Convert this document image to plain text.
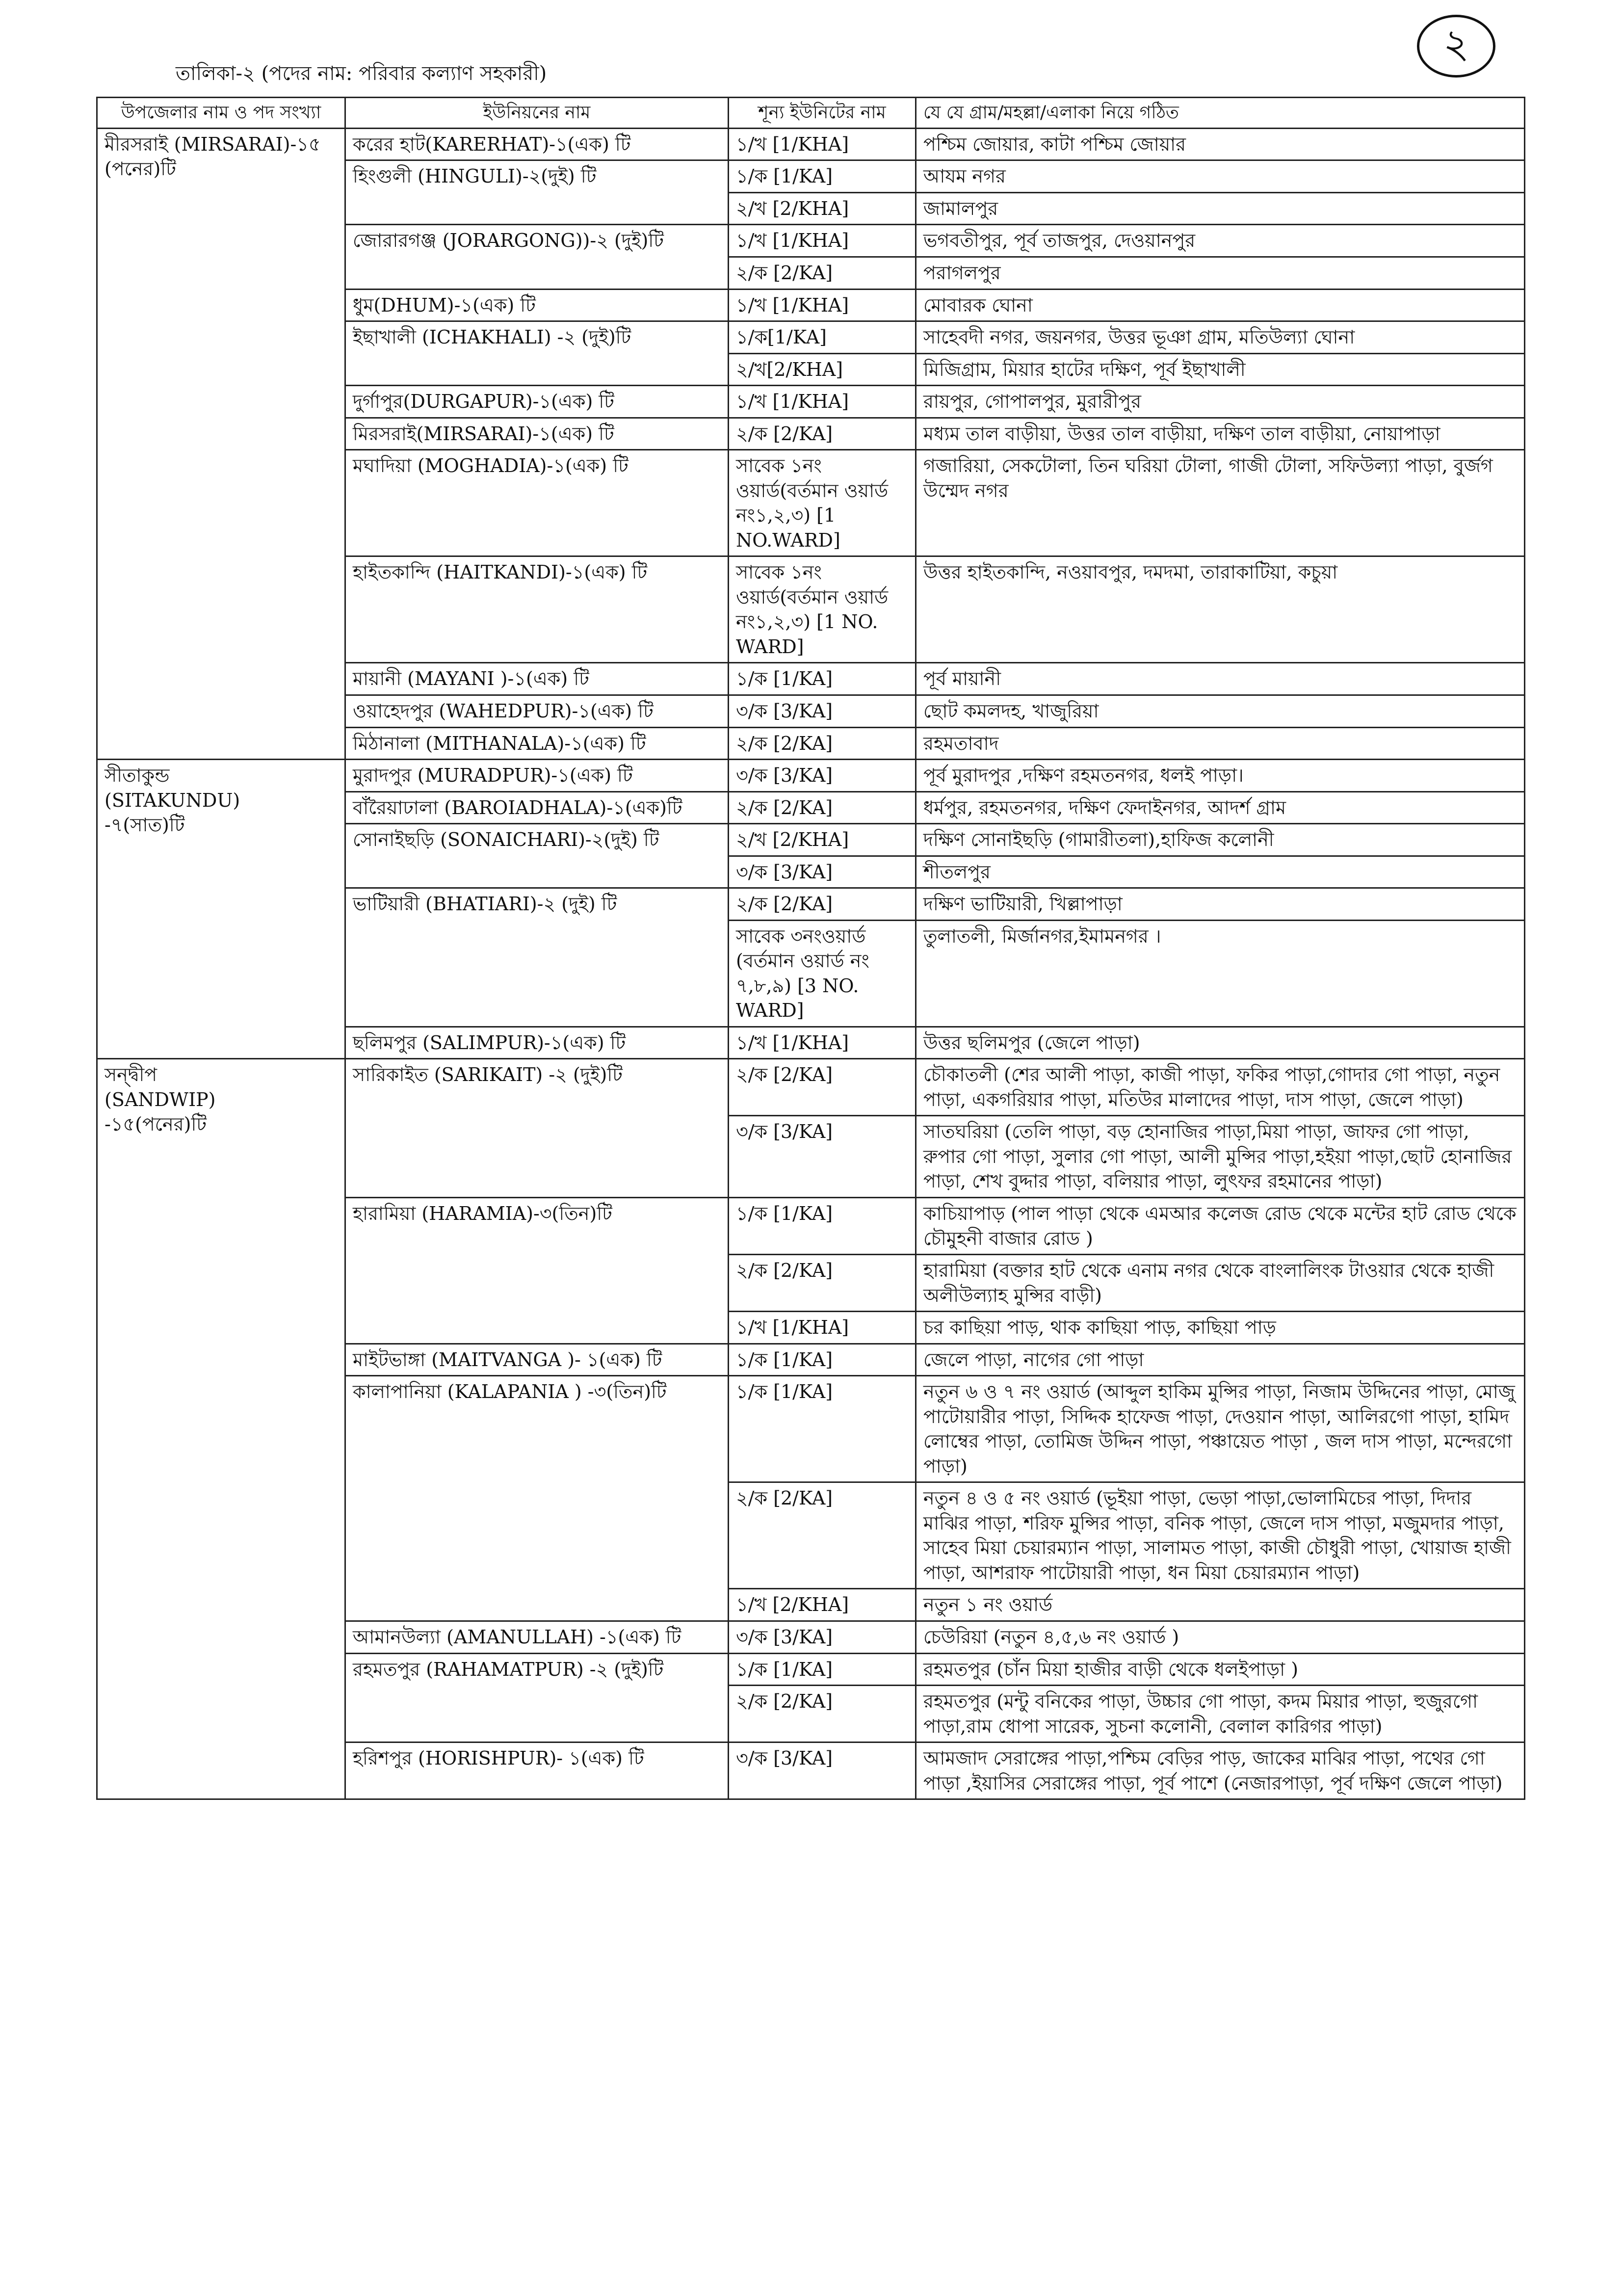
২
তালিকা-২ (পদের নাম: পরিবার কল্যাণ সহকারী)
উপজেলার নাম ও পদ সংখ্যা	ইউনিয়নের নাম	শূন্য ইউনিটের নাম	যে যে গ্রাম/মহল্লা/এলাকা নিয়ে গঠিত

মীরসরাই (MIRSARAI)-১৫
(পনের)টি	করের হাট(KARERHAT)-১(এক) টি	১/খ [1/KHA]	পশ্চিম জোয়ার, কাটা পশ্চিম জোয়ার
	হিংগুলী (HINGULI)-২(দুই) টি	১/ক [1/KA]	আযম নগর
		২/খ [2/KHA]	জামালপুর
	জোরারগঞ্জ (JORARGONG))-২ (দুই)টি	১/খ [1/KHA]	ভগবতীপুর, পূর্ব তাজপুর, দেওয়ানপুর
		২/ক [2/KA]	পরাগলপুর
	ধুম(DHUM)-১(এক) টি	১/খ [1/KHA]	মোবারক ঘোনা
	ইছাখালী (ICHAKHALI) -২ (দুই)টি	১/ক[1/KA]	সাহেবদী নগর, জয়নগর, উত্তর ভূঞা গ্রাম, মতিউল্যা ঘোনা
		২/খ[2/KHA]	মিজিগ্রাম, মিয়ার হাটের দক্ষিণ, পূর্ব ইছাখালী
	দুর্গাপুর(DURGAPUR)-১(এক) টি	১/খ [1/KHA]	রায়পুর, গোপালপুর, মুরারীপুর
	মিরসরাই(MIRSARAI)-১(এক) টি	২/ক [2/KA]	মধ্যম তাল বাড়ীয়া, উত্তর তাল বাড়ীয়া, দক্ষিণ তাল বাড়ীয়া, নোয়াপাড়া
	মঘাদিয়া (MOGHADIA)-১(এক) টি	সাবেক ১নং ওয়ার্ড(বর্তমান ওয়ার্ড নং১,২,৩) [1 NO.WARD]	গজারিয়া, সেকটোলা, তিন ঘরিয়া টোলা, গাজী টোলা, সফিউল্যা পাড়া, বুর্জগ উম্মেদ নগর
	হাইতকান্দি (HAITKANDI)-১(এক) টি	সাবেক ১নং ওয়ার্ড(বর্তমান ওয়ার্ড নং১,২,৩) [1 NO. WARD]	উত্তর হাইতকান্দি, নওয়াবপুর, দমদমা, তারাকাটিয়া, কচুয়া
	মায়ানী (MAYANI )-১(এক) টি	১/ক [1/KA]	পূর্ব মায়ানী
	ওয়াহেদপুর (WAHEDPUR)-১(এক) টি	৩/ক [3/KA]	ছোট কমলদহ, খাজুরিয়া
	মিঠানালা (MITHANALA)-১(এক) টি	২/ক [2/KA]	রহমতাবাদ

সীতাকুন্ড
(SITAKUNDU)
-৭(সাত)টি	মুরাদপুর (MURADPUR)-১(এক) টি	৩/ক [3/KA]	পূর্ব মুরাদপুর ,দক্ষিণ রহমতনগর, ধলই পাড়া।
	বাঁরৈয়াঢালা (BAROIADHALA)-১(এক)টি	২/ক [2/KA]	ধর্মপুর, রহমতনগর, দক্ষিণ ফেদাইনগর, আদর্শ গ্রাম
	সোনাইছড়ি (SONAICHARI)-২(দুই) টি	২/খ [2/KHA]	দক্ষিণ সোনাইছড়ি (গামারীতলা),হাফিজ কলোনী
		৩/ক [3/KA]	শীতলপুর
	ভাটিয়ারী (BHATIARI)-২ (দুই) টি	২/ক [2/KA]	দক্ষিণ ভাটিয়ারী, খিল্লাপাড়া
		সাবেক ৩নংওয়ার্ড (বর্তমান ওয়ার্ড নং ৭,৮,৯) [3 NO. WARD]	তুলাতলী, মির্জানগর,ইমামনগর ।
	ছলিমপুর (SALIMPUR)-১(এক) টি	১/খ [1/KHA]	উত্তর ছলিমপুর (জেলে পাড়া)

সন্দ্বীপ
(SANDWIP)
-১৫(পনের)টি	সারিকাইত (SARIKAIT) -২ (দুই)টি	২/ক [2/KA]	চৌকাতলী (শের আলী পাড়া, কাজী পাড়া, ফকির পাড়া,গোদার গো পাড়া, নতুন পাড়া, একগরিয়ার পাড়া, মতিউর মালাদের পাড়া, দাস পাড়া, জেলে পাড়া)
		৩/ক [3/KA]	সাতঘরিয়া (তেলি পাড়া, বড় হোনাজির পাড়া,মিয়া পাড়া, জাফর গো পাড়া, রুপার গো পাড়া, সুলার গো পাড়া, আলী মুন্সির পাড়া,হইয়া পাড়া,ছোট হোনাজির পাড়া, শেখ বুদ্দার পাড়া, বলিয়ার পাড়া, লুৎফর রহমানের পাড়া)
	হারামিয়া (HARAMIA)-৩(তিন)টি	১/ক [1/KA]	কাচিয়াপাড় (পাল পাড়া থেকে এমআর কলেজ রোড থেকে মন্টের হাট রোড থেকে চৌমুহনী বাজার রোড )
		২/ক [2/KA]	হারামিয়া (বক্তার হাট থেকে এনাম নগর থেকে বাংলালিংক টাওয়ার থেকে হাজী অলীউল্যাহ মুন্সির বাড়ী)
		১/খ [1/KHA]	চর কাছিয়া পাড়, থাক কাছিয়া পাড়, কাছিয়া পাড়
	মাইটভাঙ্গা (MAITVANGA )- ১(এক) টি	১/ক [1/KA]	জেলে পাড়া, নাগের গো পাড়া
	কালাপানিয়া (KALAPANIA ) -৩(তিন)টি	১/ক [1/KA]	নতুন ৬ ও ৭ নং ওয়ার্ড (আব্দুল হাকিম মুন্সির পাড়া, নিজাম উদ্দিনের পাড়া, মোজু পাটোয়ারীর পাড়া, সিদ্দিক হাফেজ পাড়া, দেওয়ান পাড়া, আলিরগো পাড়া, হামিদ লোম্বের পাড়া, তোমিজ উদ্দিন পাড়া, পঞ্চায়েত পাড়া , জল দাস পাড়া, মন্দেরগো পাড়া)
		২/ক [2/KA]	নতুন ৪ ও ৫ নং ওয়ার্ড (ভূইয়া পাড়া, ভেড়া পাড়া,ভোলামিচের পাড়া, দিদার মাঝির পাড়া, শরিফ মুন্সির পাড়া, বনিক পাড়া, জেলে দাস পাড়া, মজুমদার পাড়া, সাহেব মিয়া চেয়ারম্যান পাড়া, সালামত পাড়া, কাজী চৌধুরী পাড়া, খোয়াজ হাজী পাড়া, আশরাফ পাটোয়ারী পাড়া, ধন মিয়া চেয়ারম্যান পাড়া)
		১/খ [2/KHA]	নতুন ১ নং ওয়ার্ড
	আমানউল্যা (AMANULLAH) -১(এক) টি	৩/ক [3/KA]	চেউরিয়া (নতুন ৪,৫,৬ নং ওয়ার্ড )
	রহমতপুর (RAHAMATPUR) -২ (দুই)টি	১/ক [1/KA]	রহমতপুর (চাঁন মিয়া হাজীর বাড়ী থেকে ধলইপাড়া )
		২/ক [2/KA]	রহমতপুর (মন্টু বনিকের পাড়া, উচ্চার গো পাড়া, কদম মিয়ার পাড়া, হুজুরগো পাড়া,রাম ধোপা সারেক, সুচনা কলোনী, বেলাল কারিগর পাড়া)
	হরিশপুর (HORISHPUR)- ১(এক) টি	৩/ক [3/KA]	আমজাদ সেরাঙ্গের পাড়া,পশ্চিম বেড়ির পাড়, জাকের মাঝির পাড়া, পথের গো পাড়া ,ইয়াসির সেরাঙ্গের পাড়া, পূর্ব পাশে (নেজারপাড়া, পূর্ব দক্ষিণ জেলে পাড়া)
